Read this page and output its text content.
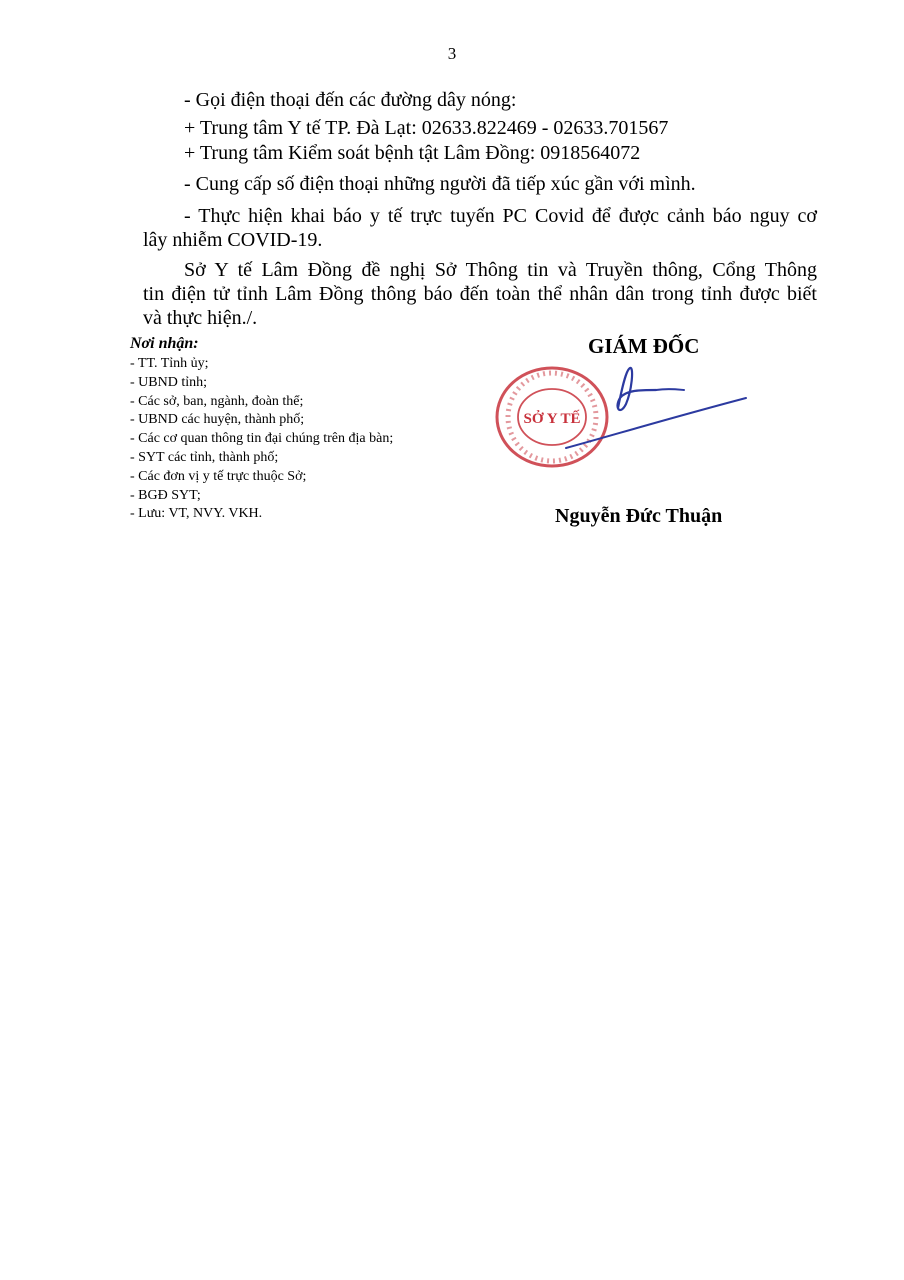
3
- Gọi điện thoại đến các đường dây nóng:
+ Trung tâm Y tế TP. Đà Lạt: 02633.822469 - 02633.701567
+ Trung tâm Kiểm soát bệnh tật Lâm Đồng: 0918564072
- Cung cấp số điện thoại những người đã tiếp xúc gần với mình.
- Thực hiện khai báo y tế trực tuyến PC Covid để được cảnh báo nguy cơ
lây nhiễm COVID-19.
Sở Y tế Lâm Đồng đề nghị Sở Thông tin và Truyền thông, Cổng Thông
tin điện tử tỉnh Lâm Đồng thông báo đến toàn thể nhân dân trong tỉnh được biết
và thực hiện./.
Nơi nhận:
- TT. Tỉnh ủy;
- UBND tỉnh;
- Các sở, ban, ngành, đoàn thể;
- UBND các huyện, thành phố;
- Các cơ quan thông tin đại chúng trên địa bàn;
- SYT các tỉnh, thành phố;
- Các đơn vị y tế trực thuộc Sở;
- BGĐ SYT;
- Lưu: VT, NVY. VKH.
GIÁM ĐỐC
SỞ Y TẾ
Nguyễn Đức Thuận
